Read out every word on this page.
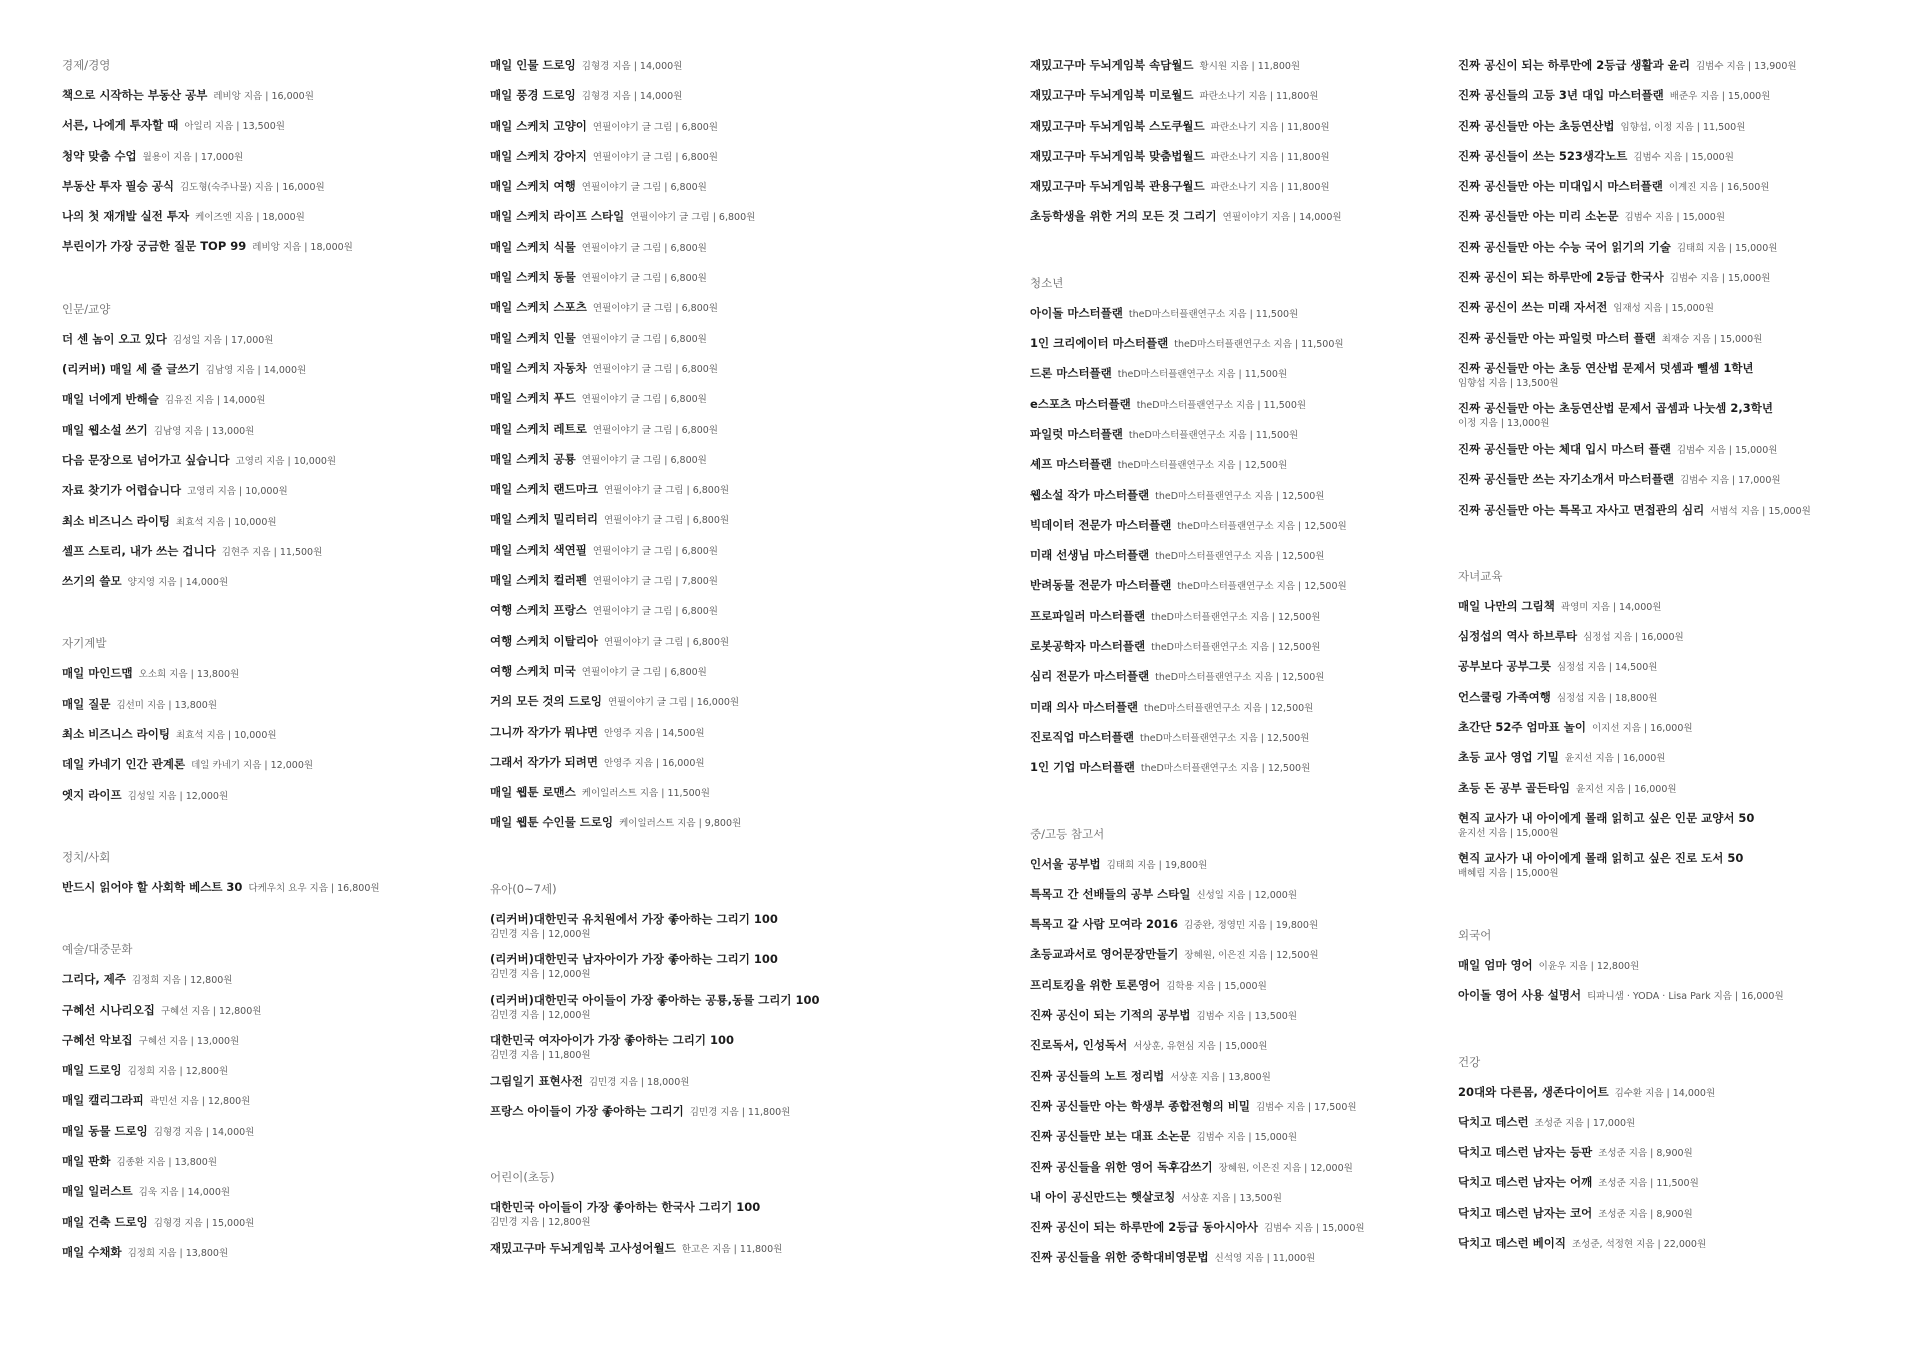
경제/경영
책으로 시작하는 부동산 공부 레비앙 지음 | 16,000원
서른, 나에게 투자할 때 아일리 지음 | 13,500원
청약 맞춤 수업 월용이 지음 | 17,000원
부동산 투자 필승 공식 김도형(숙주나물) 지음 | 16,000원
나의 첫 재개발 실전 투자 케이즈엔 지음 | 18,000원
부린이가 가장 궁금한 질문 TOP 99 레비앙 지음 | 18,000원
인문/교양
더 센 놈이 오고 있다 김성일 지음 | 17,000원
(리커버) 매일 세 줄 글쓰기 김남영 지음 | 14,000원
매일 너에게 반해슬 김유진 지음 | 14,000원
매일 웹소설 쓰기 김남영 지음 | 13,000원
다음 문장으로 넘어가고 싶습니다 고영리 지음 | 10,000원
자료 찾기가 어렵습니다 고영리 지음 | 10,000원
최소 비즈니스 라이팅 최효석 지음 | 10,000원
셀프 스토리, 내가 쓰는 겁니다 김현주 지음 | 11,500원
쓰기의 쓸모 양지영 지음 | 14,000원
자기계발
매일 마인드맵 오소희 지음 | 13,800원
매일 질문 김선미 지음 | 13,800원
최소 비즈니스 라이팅 최효석 지음 | 10,000원
데일 카네기 인간 관계론 데일 카네기 지음 | 12,000원
엣지 라이프 김성일 지음 | 12,000원
정치/사회
반드시 읽어야 할 사회학 베스트 30 다케우치 요우 지음 | 16,800원
예술/대중문화
그리다, 제주 김정희 지음 | 12,800원
구혜선 시나리오집 구혜선 지음 | 12,800원
구혜선 악보집 구혜선 지음 | 13,000원
매일 드로잉 김정희 지음 | 12,800원
매일 캘리그라피 곽민선 지음 | 12,800원
매일 동물 드로잉 김형경 지음 | 14,000원
매일 판화 김종환 지음 | 13,800원
매일 일러스트 김욱 지음 | 14,000원
매일 건축 드로잉 김형경 지음 | 15,000원
매일 수채화 김정희 지음 | 13,800원
매일 인물 드로잉 김형경 지음 | 14,000원
매일 풍경 드로잉 김형경 지음 | 14,000원
매일 스케치 고양이 연필이야기 글 그림 | 6,800원
매일 스케치 강아지 연필이야기 글 그림 | 6,800원
매일 스케치 여행 연필이야기 글 그림 | 6,800원
매일 스케치 라이프 스타일 연필이야기 글 그림 | 6,800원
매일 스케치 식물 연필이야기 글 그림 | 6,800원
매일 스케치 동물 연필이야기 글 그림 | 6,800원
매일 스케치 스포츠 연필이야기 글 그림 | 6,800원
매일 스케치 인물 연필이야기 글 그림 | 6,800원
매일 스케치 자동차 연필이야기 글 그림 | 6,800원
매일 스케치 푸드 연필이야기 글 그림 | 6,800원
매일 스케치 레트로 연필이야기 글 그림 | 6,800원
매일 스케치 공룡 연필이야기 글 그림 | 6,800원
매일 스케치 랜드마크 연필이야기 글 그림 | 6,800원
매일 스케치 밀리터리 연필이야기 글 그림 | 6,800원
매일 스케치 색연필 연필이야기 글 그림 | 6,800원
매일 스케치 컬러펜 연필이야기 글 그림 | 7,800원
여행 스케치 프랑스 연필이야기 글 그림 | 6,800원
여행 스케치 이탈리아 연필이야기 글 그림 | 6,800원
여행 스케치 미국 연필이야기 글 그림 | 6,800원
거의 모든 것의 드로잉 연필이야기 글 그림 | 16,000원
그니까 작가가 뭐냐면 안영주 지음 | 14,500원
그래서 작가가 되려면 안영주 지음 | 16,000원
매일 웹툰 로맨스 케이일러스트 지음 | 11,500원
매일 웹툰 수인물 드로잉 케이일러스트 지음 | 9,800원
유아(0~7세)
(리커버)대한민국 유치원에서 가장 좋아하는 그리기 100
김민경 지음 | 12,000원
(리커버)대한민국 남자아이가 가장 좋아하는 그리기 100
김민경 지음 | 12,000원
(리커버)대한민국 아이들이 가장 좋아하는 공룡,동물 그리기 100
김민경 지음 | 12,000원
대한민국 여자아이가 가장 좋아하는 그리기 100
김민경 지음 | 11,800원
그림일기 표현사전 김민경 지음 | 18,000원
프랑스 아이들이 가장 좋아하는 그리기 김민경 지음 | 11,800원
어린이(초등)
대한민국 아이들이 가장 좋아하는 한국사 그리기 100
김민경 지음 | 12,800원
재밌고구마 두뇌게임북 고사성어월드 한고은 지음 | 11,800원
재밌고구마 두뇌게임북 속담월드 황시원 지음 | 11,800원
재밌고구마 두뇌게임북 미로월드 파란소나기 지음 | 11,800원
재밌고구마 두뇌게임북 스도쿠월드 파란소나기 지음 | 11,800원
재밌고구마 두뇌게임북 맞춤법월드 파란소나기 지음 | 11,800원
재밌고구마 두뇌게임북 관용구월드 파란소나기 지음 | 11,800원
초등학생을 위한 거의 모든 것 그리기 연필이야기 지음 | 14,000원
청소년
아이돌 마스터플랜 theD마스터플랜연구소 지음 | 11,500원
1인 크리에이터 마스터플랜 theD마스터플랜연구소 지음 | 11,500원
드론 마스터플랜 theD마스터플랜연구소 지음 | 11,500원
e스포츠 마스터플랜 theD마스터플랜연구소 지음 | 11,500원
파일럿 마스터플랜 theD마스터플랜연구소 지음 | 11,500원
셰프 마스터플랜 theD마스터플랜연구소 지음 | 12,500원
웹소설 작가 마스터플랜 theD마스터플랜연구소 지음 | 12,500원
빅데이터 전문가 마스터플랜 theD마스터플랜연구소 지음 | 12,500원
미래 선생님 마스터플랜 theD마스터플랜연구소 지음 | 12,500원
반려동물 전문가 마스터플랜 theD마스터플랜연구소 지음 | 12,500원
프로파일러 마스터플랜 theD마스터플랜연구소 지음 | 12,500원
로봇공학자 마스터플랜 theD마스터플랜연구소 지음 | 12,500원
심리 전문가 마스터플랜 theD마스터플랜연구소 지음 | 12,500원
미래 의사 마스터플랜 theD마스터플랜연구소 지음 | 12,500원
진로직업 마스터플랜 theD마스터플랜연구소 지음 | 12,500원
1인 기업 마스터플랜 theD마스터플랜연구소 지음 | 12,500원
중/고등 참고서
인서울 공부법 김태희 지음 | 19,800원
특목고 간 선배들의 공부 스타일 신성일 지음 | 12,000원
특목고 갈 사람 모여라 2016 김중완, 정영민 지음 | 19,800원
초등교과서로 영어문장만들기 장혜원, 이은진 지음 | 12,500원
프리토킹을 위한 토론영어 김학용 지음 | 15,000원
진짜 공신이 되는 기적의 공부법 김범수 지음 | 13,500원
진로독서, 인성독서 서상훈, 유현심 지음 | 15,000원
진짜 공신들의 노트 정리법 서상훈 지음 | 13,800원
진짜 공신들만 아는 학생부 종합전형의 비밀 김범수 지음 | 17,500원
진짜 공신들만 보는 대표 소논문 김범수 지음 | 15,000원
진짜 공신들을 위한 영어 독후감쓰기 장혜원, 이은진 지음 | 12,000원
내 아이 공신만드는 햇살코칭 서상훈 지음 | 13,500원
진짜 공신이 되는 하루만에 2등급 동아시아사 김범수 지음 | 15,000원
진짜 공신들을 위한 중학대비영문법 신석영 지음 | 11,000원
진짜 공신이 되는 하루만에 2등급 생활과 윤리 김범수 지음 | 13,900원
진짜 공신들의 고등 3년 대입 마스터플랜 배준우 지음 | 15,000원
진짜 공신들만 아는 초등연산법 임향섭, 이정 지음 | 11,500원
진짜 공신들이 쓰는 523생각노트 김범수 지음 | 15,000원
진짜 공신들만 아는 미대입시 마스터플랜 이계진 지음 | 16,500원
진짜 공신들만 아는 미리 소논문 김범수 지음 | 15,000원
진짜 공신들만 아는 수능 국어 읽기의 기술 김태희 지음 | 15,000원
진짜 공신이 되는 하루만에 2등급 한국사 김범수 지음 | 15,000원
진짜 공신이 쓰는 미래 자서전 임재성 지음 | 15,000원
진짜 공신들만 아는 파일럿 마스터 플랜 최재승 지음 | 15,000원
진짜 공신들만 아는 초등 연산법 문제서 덧셈과 뺄셈 1학년
임향섭 지음 | 13,500원
진짜 공신들만 아는 초등연산법 문제서 곱셈과 나눗셈 2,3학년
이정 지음 | 13,000원
진짜 공신들만 아는 체대 입시 마스터 플랜 김범수 지음 | 15,000원
진짜 공신들만 쓰는 자기소개서 마스터플랜 김범수 지음 | 17,000원
진짜 공신들만 아는 특목고 자사고 면접관의 심리 서범석 지음 | 15,000원
자녀교육
매일 나만의 그림책 곽영미 지음 | 14,000원
심정섭의 역사 하브루타 심정섭 지음 | 16,000원
공부보다 공부그릇 심정섭 지음 | 14,500원
언스쿨링 가족여행 심정섭 지음 | 18,800원
초간단 52주 엄마표 놀이 이지선 지음 | 16,000원
초등 교사 영업 기밀 윤지선 지음 | 16,000원
초등 돈 공부 골든타임 윤지선 지음 | 16,000원
현직 교사가 내 아이에게 몰래 읽히고 싶은 인문 교양서 50
윤지선 지음 | 15,000원
현직 교사가 내 아이에게 몰래 읽히고 싶은 진로 도서 50
배혜림 지음 | 15,000원
외국어
매일 엄마 영어 이윤우 지음 | 12,800원
아이돌 영어 사용 설명서 티파니샘 · YODA · Lisa Park 지음 | 16,000원
건강
20대와 다른몸, 생존다이어트 김수환 지음 | 14,000원
닥치고 데스런 조성준 지음 | 17,000원
닥치고 데스런 남자는 등판 조성준 지음 | 8,900원
닥치고 데스런 남자는 어깨 조성준 지음 | 11,500원
닥치고 데스런 남자는 코어 조성준 지음 | 8,900원
닥치고 데스런 베이직 조성준, 석정현 지음 | 22,000원
